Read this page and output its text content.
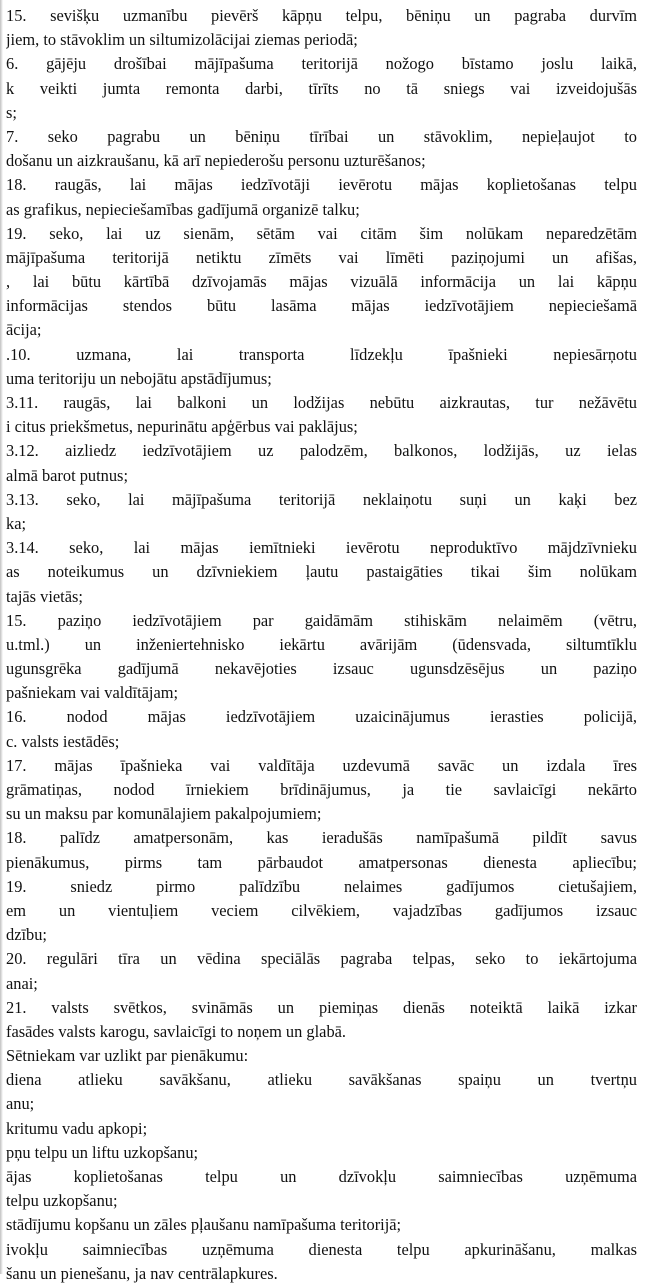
15. sevišķu uzmanību pievērš kāpņu telpu, bēniņu un pagraba durvīm
jiem, to stāvoklim un siltumizolācijai ziemas periodā;
6. gājēju drošībai mājīpašuma teritorijā nožogo bīstamo joslu laikā,
k veikti jumta remonta darbi, tīrīts no tā sniegs vai izveidojušās
s;
7. seko pagrabu un bēniņu tīrībai un stāvoklim, nepieļaujot to
došanu un aizkraušanu, kā arī nepiederošu personu uzturēšanos;
18. raugās, lai mājas iedzīvotāji ievērotu mājas koplietošanas telpu
as grafikus, nepieciešamības gadījumā organizē talku;
19. seko, lai uz sienām, sētām vai citām šim nolūkam neparedzētām
mājīpašuma teritorijā netiktu zīmēts vai līmēti paziņojumi un afišas,
, lai būtu kārtībā dzīvojamās mājas vizuālā informācija un lai kāpņu
informācijas stendos būtu lasāma mājas iedzīvotājiem nepieciešamā
ācija;
.10. uzmana, lai transporta līdzekļu īpašnieki nepiesārņotu
uma teritoriju un nebojātu apstādījumus;
3.11. raugās, lai balkoni un lodžijas nebūtu aizkrautas, tur nežāvētu
i citus priekšmetus, nepurinātu apģērbus vai paklājus;
3.12. aizliedz iedzīvotājiem uz palodzēm, balkonos, lodžijās, uz ielas
almā barot putnus;
3.13. seko, lai mājīpašuma teritorijā neklaiņotu suņi un kaķi bez
ka;
3.14. seko, lai mājas iemītnieki ievērotu neproduktīvo mājdzīvnieku
as noteikumus un dzīvniekiem ļautu pastaigāties tikai šim nolūkam
tajās vietās;
15. paziņo iedzīvotājiem par gaidāmām stihiskām nelaimēm (vētru,
u.tml.) un inženiertehnisko iekārtu avārijām (ūdensvada, siltumtīklu
ugunsgrēka gadījumā nekavējoties izsauc ugunsdzēsējus un paziņo
pašniekam vai valdītājam;
16. nodod mājas iedzīvotājiem uzaicinājumus ierasties policijā,
c. valsts iestādēs;
17. mājas īpašnieka vai valdītāja uzdevumā savāc un izdala īres
grāmatiņas, nodod īrniekiem brīdinājumus, ja tie savlaicīgi nekārto
su un maksu par komunālajiem pakalpojumiem;
18. palīdz amatpersonām, kas ieradušās namīpašumā pildīt savus
pienākumus, pirms tam pārbaudot amatpersonas dienesta apliecību;
19. sniedz pirmo palīdzību nelaimes gadījumos cietušajiem,
em un vientuļiem veciem cilvēkiem, vajadzības gadījumos izsauc
dzību;
20. regulāri tīra un vēdina speciālās pagraba telpas, seko to iekārtojuma
anai;
21. valsts svētkos, svināmās un piemiņas dienās noteiktā laikā izkar
fasādes valsts karogu, savlaicīgi to noņem un glabā.
Sētniekam var uzlikt par pienākumu:
diena atlieku savākšanu, atlieku savākšanas spaiņu un tvertņu
anu;
kritumu vadu apkopi;
pņu telpu un liftu uzkopšanu;
ājas koplietošanas telpu un dzīvokļu saimniecības uzņēmuma
telpu uzkopšanu;
stādījumu kopšanu un zāles pļaušanu namīpašuma teritorijā;
ivokļu saimniecības uzņēmuma dienesta telpu apkurināšanu, malkas
šanu un pienešanu, ja nav centrālapkures.
